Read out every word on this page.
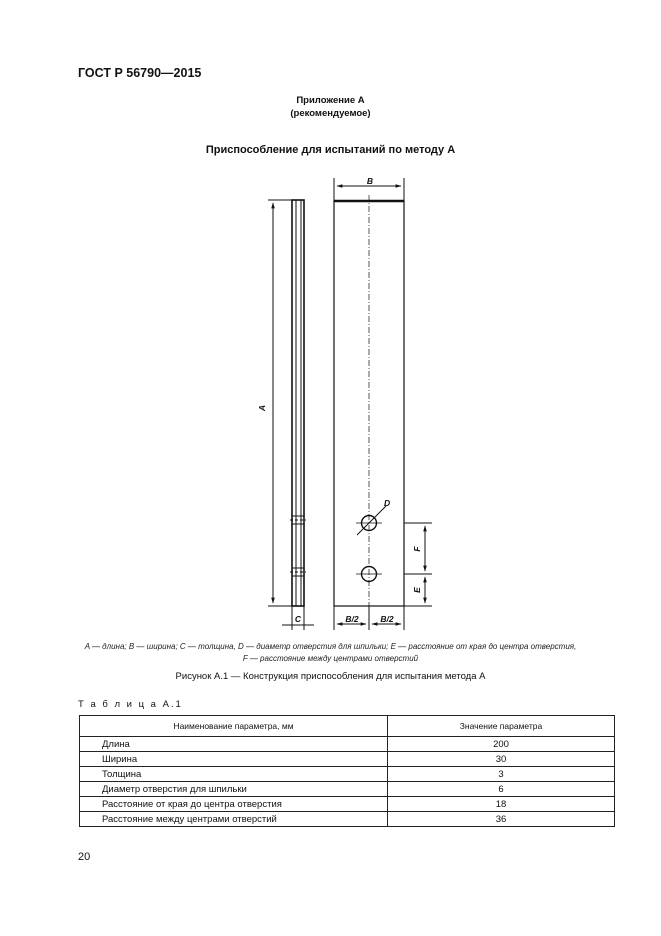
ГОСТ Р 56790—2015
Приложение А
(рекомендуемое)
Приспособление для испытаний по методу А
A
B
C
D
F
E
B/2	B/2
A — длина; B — ширина; C — толщина, D — диаметр отверстия для шпильки; E — расстояние от края до центра отверстия,
F — расстояние между центрами отверстий
Рисунок А.1 — Конструкция приспособления для испытания метода А
Т а б л и ц а А.1
Наименование параметра, мм	Значение параметра
Длина	200
Ширина	30
Толщина	3
Диаметр отверстия для шпильки	6
Расстояние от края до центра отверстия	18
Расстояние между центрами отверстий	36
20
